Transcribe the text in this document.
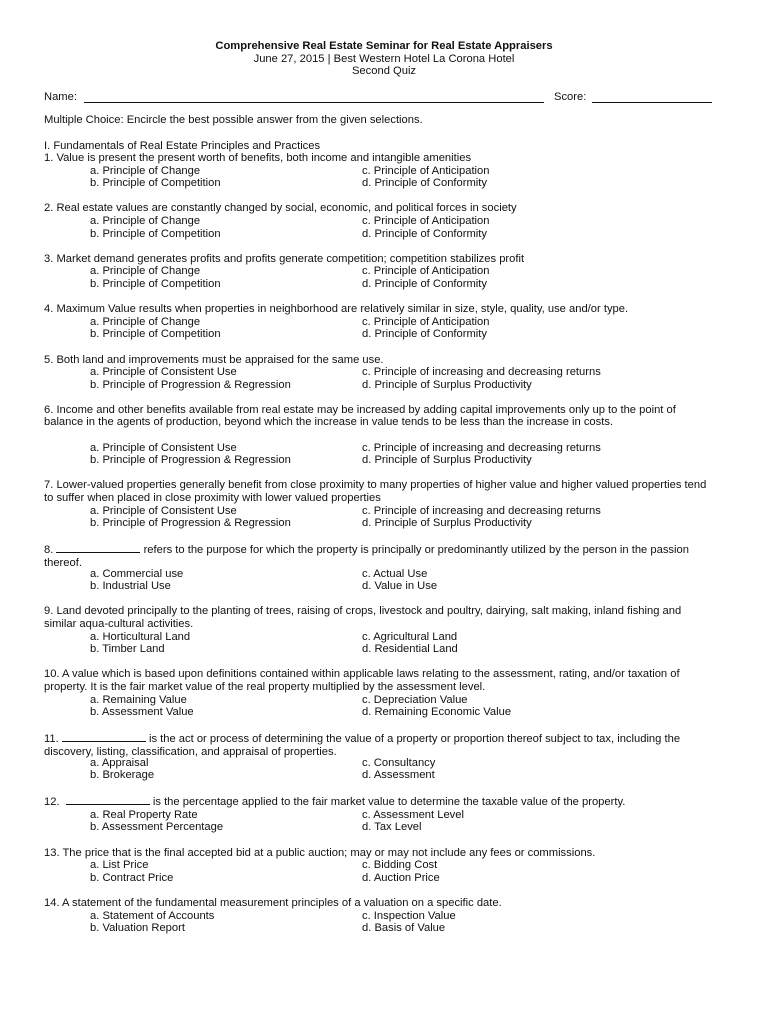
Comprehensive Real Estate Seminar for Real Estate Appraisers
June 27, 2015 | Best Western Hotel La Corona Hotel
Second Quiz
Name:	Score:
Multiple Choice: Encircle the best possible answer from the given selections.
I. Fundamentals of Real Estate Principles and Practices
1. Value is present the present worth of benefits, both income and intangible amenities
a. Principle of Change
b. Principle of Competition
c. Principle of Anticipation
d. Principle of Conformity
2. Real estate values are constantly changed by social, economic, and political forces in society
a. Principle of Change
b. Principle of Competition
c. Principle of Anticipation
d. Principle of Conformity
3. Market demand generates profits and profits generate competition; competition stabilizes profit
a. Principle of Change
b. Principle of Competition
c. Principle of Anticipation
d. Principle of Conformity
4. Maximum Value results when properties in neighborhood are relatively similar in size, style, quality, use and/or type.
a. Principle of Change
b. Principle of Competition
c. Principle of Anticipation
d. Principle of Conformity
5. Both land and improvements must be appraised for the same use.
a. Principle of Consistent Use
b. Principle of Progression & Regression
c. Principle of increasing and decreasing returns
d. Principle of Surplus Productivity
6. Income and other benefits available from real estate may be increased by adding capital improvements only up to the point of balance in the agents of production, beyond which the increase in value tends to be less than the increase in costs.
a. Principle of Consistent Use
b. Principle of Progression & Regression
c. Principle of increasing and decreasing returns
d. Principle of Surplus Productivity
7. Lower-valued properties generally benefit from close proximity to many properties of higher value and higher valued properties tend to suffer when placed in close proximity with lower valued properties
a. Principle of Consistent Use
b. Principle of Progression & Regression
c. Principle of increasing and decreasing returns
d. Principle of Surplus Productivity
8.	refers to the purpose for which the property is principally or predominantly utilized by the person in the passion thereof.
a. Commercial use
b. Industrial Use
c. Actual Use
d. Value in Use
9. Land devoted principally to the planting of trees, raising of crops, livestock and poultry, dairying, salt making, inland fishing and similar aqua-cultural activities.
a. Horticultural Land
b. Timber Land
c. Agricultural Land
d. Residential Land
10. A value which is based upon definitions contained within applicable laws relating to the assessment, rating, and/or taxation of property. It is the fair market value of the real property multiplied by the assessment level.
a. Remaining Value
b. Assessment Value
c. Depreciation Value
d. Remaining Economic Value
11.	is the act or process of determining the value of a property or proportion thereof subject to tax, including the discovery, listing, classification, and appraisal of properties.
a. Appraisal
b. Brokerage
c. Consultancy
d. Assessment
12.	is the percentage applied to the fair market value to determine the taxable value of the property.
a. Real Property Rate
b. Assessment Percentage
c. Assessment Level
d. Tax Level
13. The price that is the final accepted bid at a public auction; may or may not include any fees or commissions.
a. List Price
b. Contract Price
c. Bidding Cost
d. Auction Price
14. A statement of the fundamental measurement principles of a valuation on a specific date.
a. Statement of Accounts
b. Valuation Report
c. Inspection Value
d. Basis of Value
